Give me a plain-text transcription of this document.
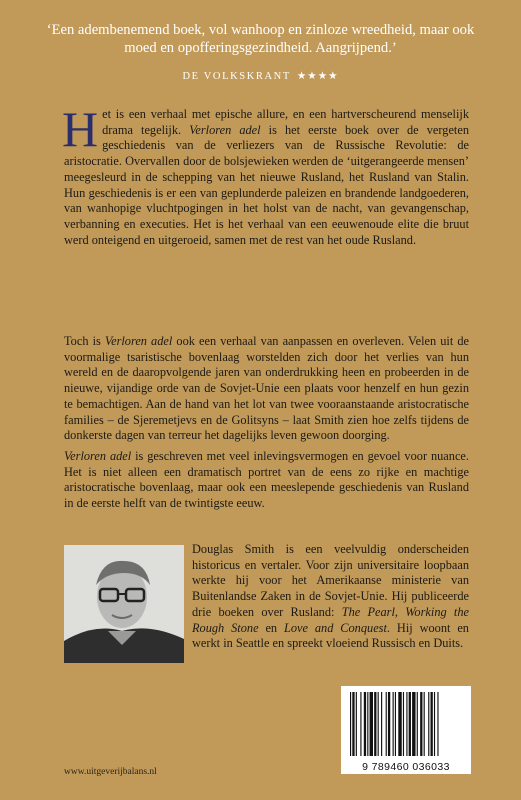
‘Een adembenemend boek, vol wanhoop en zinloze wreedheid, maar ook moed en opofferingsgezindheid. Aangrijpend.’
DE VOLKSKRANT ★★★★

Het is een verhaal met epische allure, en een hartverscheurend menselijk drama tegelijk. Verloren adel is het eerste boek over de vergeten geschiedenis van de verliezers van de Russische Revolutie: de aristocratie. Overvallen door de bolsjewieken werden de ‘uitgerangeerde mensen’ meegesleurd in de schepping van het nieuwe Rusland, het Rusland van Stalin. Hun geschiedenis is er een van geplunderde paleizen en brandende landgoederen, van wanhopige vluchtpogingen in het holst van de nacht, van gevangenschap, verbanning en executies. Het is het verhaal van een eeuwenoude elite die bruut werd onteigend en uitgeroeid, samen met de rest van het oude Rusland.

Toch is Verloren adel ook een verhaal van aanpassen en overleven. Velen uit de voormalige tsaristische bovenlaag worstelden zich door het verlies van hun wereld en de daaropvolgende jaren van onderdrukking heen en probeerden in de nieuwe, vijandige orde van de Sovjet-Unie een plaats voor henzelf en hun gezin te bemachtigen. Aan de hand van het lot van twee vooraanstaande aristocratische families – de Sjeremetjevs en de Golitsyns – laat Smith zien hoe zelfs tijdens de donkerste dagen van terreur het dagelijks leven gewoon doorging.

Verloren adel is geschreven met veel inlevingsvermogen en gevoel voor nuance. Het is niet alleen een dramatisch portret van de eens zo rijke en machtige aristocratische bovenlaag, maar ook een meeslepende geschiedenis van Rusland in de eerste helft van de twintigste eeuw.

Douglas Smith is een veelvuldig onderscheiden historicus en vertaler. Voor zijn universitaire loopbaan werkte hij voor het Amerikaanse ministerie van Buitenlandse Zaken in de Sovjet-Unie. Hij publiceerde drie boeken over Rusland: The Pearl, Working the Rough Stone en Love and Conquest. Hij woont en werkt in Seattle en spreekt vloeiend Russisch en Duits.

9 789460 036033
www.uitgeverijbalans.nl
